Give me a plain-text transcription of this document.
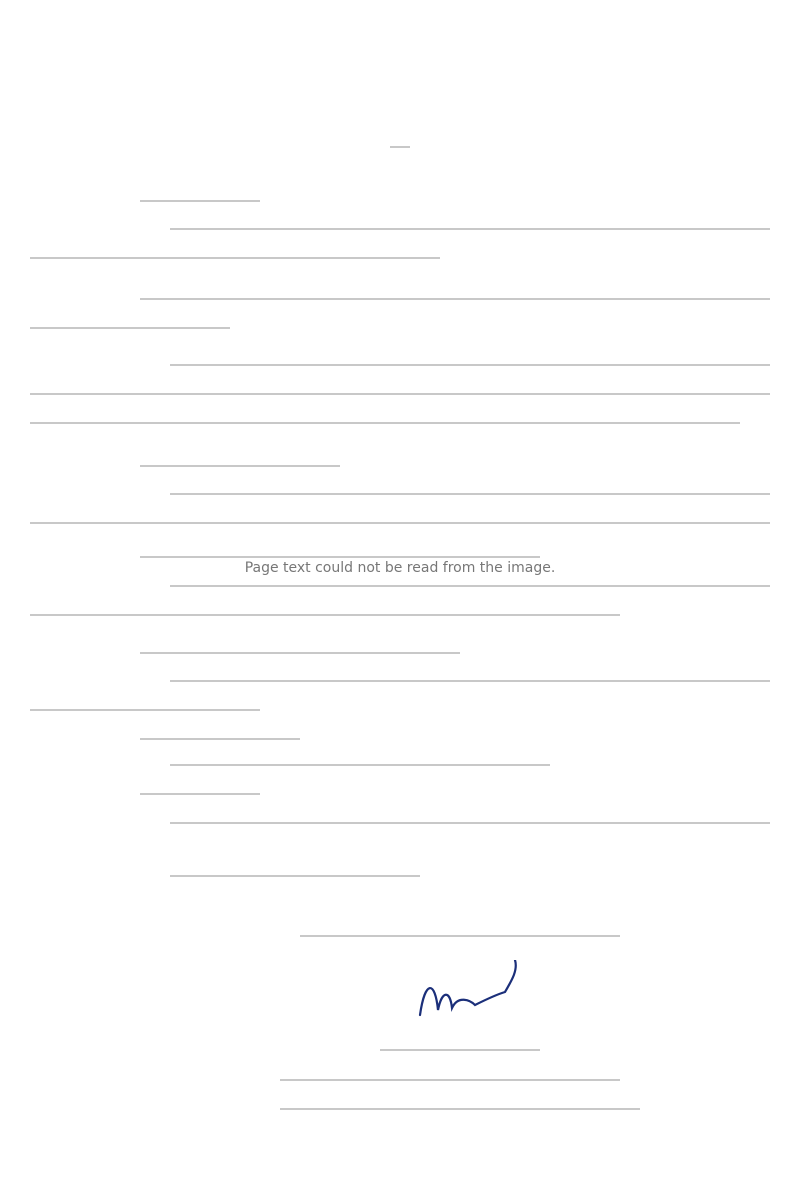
Page text could not be read from the image.
